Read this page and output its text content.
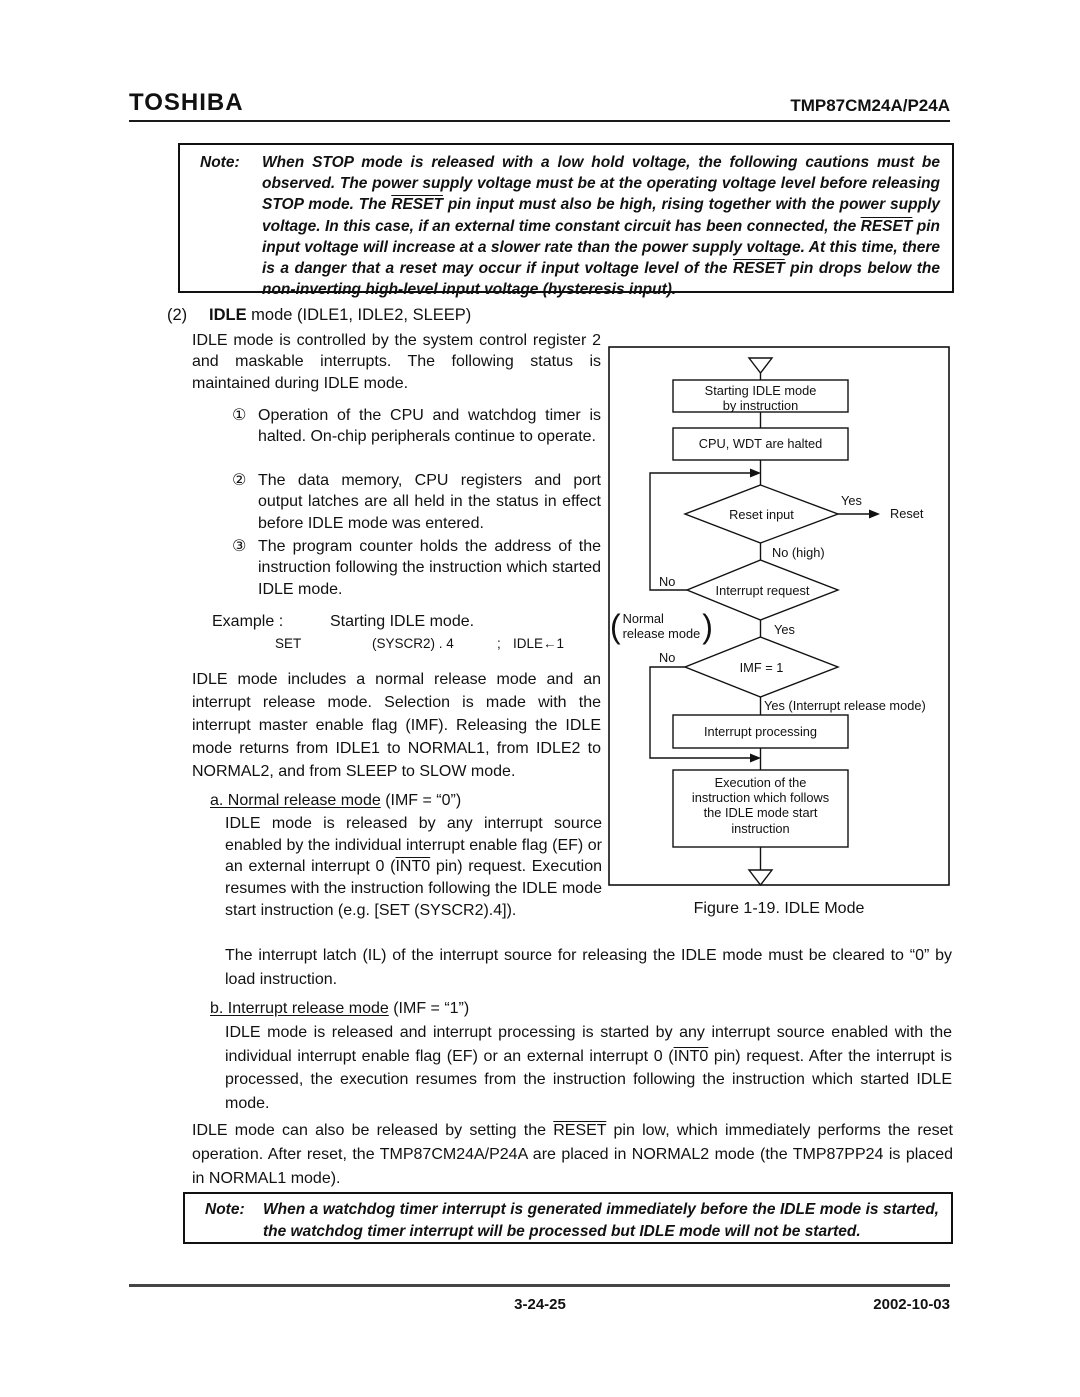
TOSHIBA	TMP87CM24A/P24A
Note:	When STOP mode is released with a low hold voltage, the following cautions must be observed. The power supply voltage must be at the operating voltage level before releasing STOP mode. The RESET pin input must also be high, rising together with the power supply voltage. In this case, if an external time constant circuit has been connected, the RESET pin input voltage will increase at a slower rate than the power supply voltage. At this time, there is a danger that a reset may occur if input voltage level of the RESET pin drops below the non-inverting high-level input voltage (hysteresis input).
(2) IDLE mode (IDLE1, IDLE2, SLEEP)
IDLE mode is controlled by the system control register 2 and maskable interrupts. The following status is maintained during IDLE mode.
① Operation of the CPU and watchdog timer is halted. On-chip peripherals continue to operate.
② The data memory, CPU registers and port output latches are all held in the status in effect before IDLE mode was entered.
③ The program counter holds the address of the instruction following the instruction which started IDLE mode.
Example :	Starting IDLE mode.
SET	(SYSCR2) . 4	; IDLE←1
IDLE mode includes a normal release mode and an interrupt release mode. Selection is made with the interrupt master enable flag (IMF). Releasing the IDLE mode returns from IDLE1 to NORMAL1, from IDLE2 to NORMAL2, and from SLEEP to SLOW mode.
a. Normal release mode (IMF = “0”)
IDLE mode is released by any interrupt source enabled by the individual interrupt enable flag (EF) or an external interrupt 0 (INT0 pin) request. Execution resumes with the instruction following the IDLE mode start instruction (e.g. [SET (SYSCR2).4]).
The interrupt latch (IL) of the interrupt source for releasing the IDLE mode must be cleared to “0” by load instruction.
b. Interrupt release mode (IMF = “1”)
IDLE mode is released and interrupt processing is started by any interrupt source enabled with the individual interrupt enable flag (EF) or an external interrupt 0 (INT0 pin) request. After the interrupt is processed, the execution resumes from the instruction following the instruction which started IDLE mode.
IDLE mode can also be released by setting the RESET pin low, which immediately performs the reset operation. After reset, the TMP87CM24A/P24A are placed in NORMAL2 mode (the TMP87PP24 is placed in NORMAL1 mode).
Note:	When a watchdog timer interrupt is generated immediately before the IDLE mode is started, the watchdog timer interrupt will be processed but IDLE mode will not be started.
Starting IDLE mode
by instruction
CPU, WDT are halted
Reset input
Yes
Reset
No (high)
Interrupt request
No
( Normal
release mode )	Yes
IMF = 1
No
Yes (Interrupt release mode)
Interrupt processing
Execution of the
instruction which follows
the IDLE mode start
instruction
Figure 1-19. IDLE Mode
3-24-25	2002-10-03
